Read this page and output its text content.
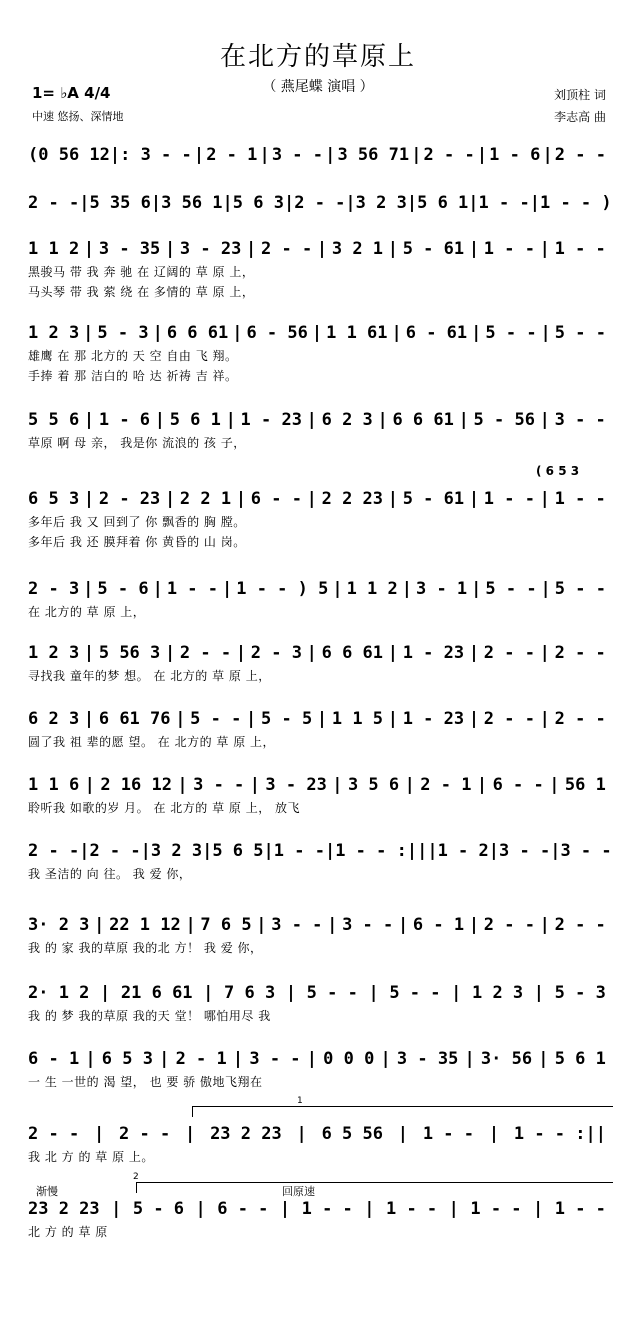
在北方的草原上
（ 燕尾蝶 演唱 ）
1= ♭A 4/4
中速 悠扬、深情地
刘顶柱 词
李志高 曲
( 6 5 3
1
2
渐慢	回原速
(0 56 12|: 3 - - | 2 - 1 | 3 - - | 3 56 71 | 2 - - | 1 - 6 | 2 - -
2 - - | 5 35 6 | 3 56 1 | 5 6 3 | 2 - - | 3 2 3 | 5 6 1 | 1 - - | 1 - - )
1 1 2 | 3 - 35 | 3 - 23 | 2 - - | 3 2 1 | 5 - 61 | 1 - - | 1 - -
黑骏马 带 我 奔 驰 在 辽阔的 草 原 上，
马头琴 带 我 萦 绕 在 多情的 草 原 上，
1 2 3 | 5 - 3 | 6 6 61 | 6 - 56 | 1 1 61 | 6 - 61 | 5 - - | 5 - -
雄鹰 在 那 北方的 天 空 自由 飞 翔。
手捧 着 那 洁白的 哈 达 祈祷 吉 祥。
5 5 6 | 1 - 6 | 5 6 1 | 1 - 23 | 6 2 3 | 6 6 61 | 5 - 56 | 3 - -
草原 啊 母 亲， 我是你 流浪的 孩 子，
6 5 3 | 2 - 23 | 2 2 1 | 6 - - | 2 2 23 | 5 - 61 | 1 - - | 1 - -
多年后 我 又 回到了 你 飘香的 胸 膛。
多年后 我 还 膜拜着 你 黄昏的 山 岗。
2 - 3 | 5 - 6 | 1 - - | 1 - - ) 5 | 1 1 2 | 3 - 1 | 5 - - | 5 - -
在 北方的 草 原 上，
1 2 3 | 5 56 3 | 2 - - | 2 - 3 | 6 6 61 | 1 - 23 | 2 - - | 2 - -
寻找我 童年的梦 想。 在 北方的 草 原 上，
6 2 3 | 6 61 76 | 5 - - | 5 - 5 | 1 1 5 | 1 - 23 | 2 - - | 2 - -
圆了我 祖 辈的愿 望。 在 北方的 草 原 上，
1 1 6 | 2 16 12 | 3 - - | 3 - 23 | 3 5 6 | 2 - 1 | 6 - - | 56 1
聆听我 如歌的岁 月。 在 北方的 草 原 上， 放飞
2 - - | 2 - - | 3 2 3 | 5 6 5 | 1 - - | 1 - - :|| | 1 - 2 | 3 - - | 3 - -
我 圣洁的 向 往。 我 爱 你，
3· 2 3 | 22 1 12 | 7 6 5 | 3 - - | 3 - - | 6 - 1 | 2 - - | 2 - -
我 的 家 我的草原 我的北 方！ 我 爱 你，
2· 1 2 | 21 6 61 | 7 6 3 | 5 - - | 5 - - | 1 2 3 | 5 - 3
我 的 梦 我的草原 我的天 堂！ 哪怕用尽 我
6 - 1 | 6 5 3 | 2 - 1 | 3 - - | 0 0 0 | 3 - 35 | 3· 56 | 5 6 1
一 生 一世的 渴 望， 也 要 骄 傲地飞翔在
2 - - | 2 - - | 23 2 23 | 6 5 56 | 1 - - | 1 - - :||
我 北 方 的 草 原 上。
23 2 23 | 5 - 6 | 6 - - | 1 - - | 1 - - | 1 - - | 1 - -
北 方 的 草 原
